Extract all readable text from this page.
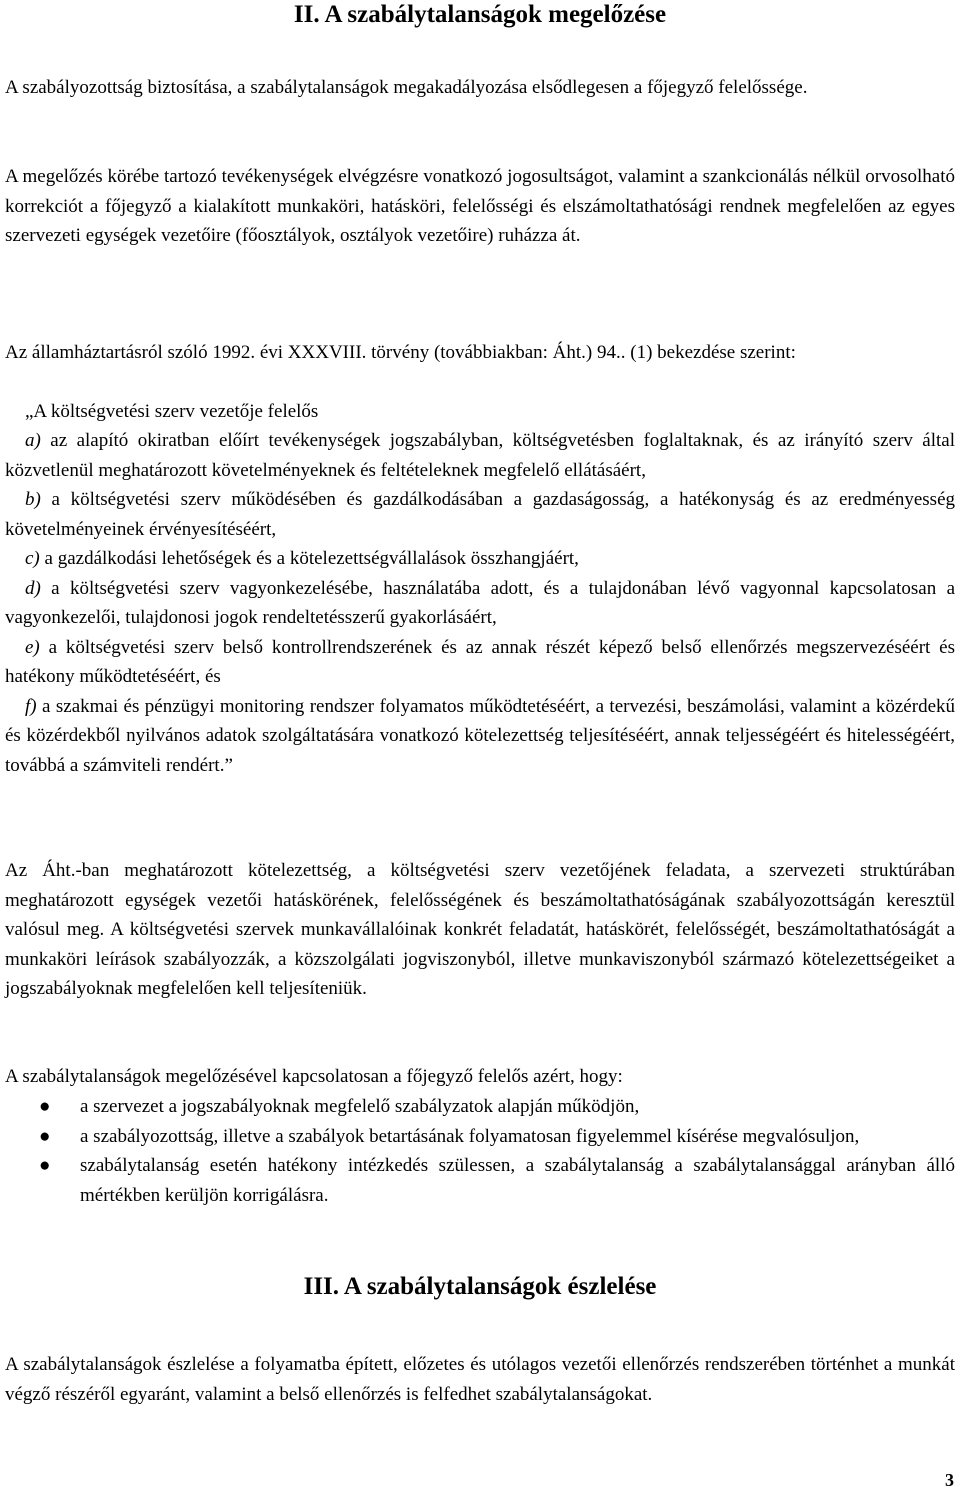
II. A szabálytalanságok megelőzése

A szabályozottság biztosítása, a szabálytalanságok megakadályozása elsődlegesen a főjegyző felelőssége.

A megelőzés körébe tartozó tevékenységek elvégzésre vonatkozó jogosultságot, valamint a szankcionálás nélkül orvosolható korrekciót a főjegyző a kialakított munkaköri, hatásköri, felelősségi és elszámoltathatósági rendnek megfelelően az egyes szervezeti egységek vezetőire (főosztályok, osztályok vezetőire) ruházza át.

Az államháztartásról szóló 1992. évi XXXVIII. törvény (továbbiakban: Áht.) 94.. (1) bekezdése szerint:

„A költségvetési szerv vezetője felelős

a) az alapító okiratban előírt tevékenységek jogszabályban, költségvetésben foglaltaknak, és az irányító szerv által közvetlenül meghatározott követelményeknek és feltételeknek megfelelő ellátásáért,

b) a költségvetési szerv működésében és gazdálkodásában a gazdaságosság, a hatékonyság és az eredményesség követelményeinek érvényesítéséért,

c) a gazdálkodási lehetőségek és a kötelezettségvállalások összhangjáért,

d) a költségvetési szerv vagyonkezelésébe, használatába adott, és a tulajdonában lévő vagyonnal kapcsolatosan a vagyonkezelői, tulajdonosi jogok rendeltetésszerű gyakorlásáért,

e) a költségvetési szerv belső kontrollrendszerének és az annak részét képező belső ellenőrzés megszervezéséért és hatékony működtetéséért, és

f) a szakmai és pénzügyi monitoring rendszer folyamatos működtetéséért, a tervezési, beszámolási, valamint a közérdekű és közérdekből nyilvános adatok szolgáltatására vonatkozó kötelezettség teljesítéséért, annak teljességéért és hitelességéért, továbbá a számviteli rendért.”

Az Áht.-ban meghatározott kötelezettség, a költségvetési szerv vezetőjének feladata, a szervezeti struktúrában meghatározott egységek vezetői hatáskörének, felelősségének és beszámoltathatóságának szabályozottságán keresztül valósul meg. A költségvetési szervek munkavállalóinak konkrét feladatát, hatáskörét, felelősségét, beszámoltathatóságát a munkaköri leírások szabályozzák, a közszolgálati jogviszonyból, illetve munkaviszonyból származó kötelezettségeiket a jogszabályoknak megfelelően kell teljesíteniük.

A szabálytalanságok megelőzésével kapcsolatosan a főjegyző felelős azért, hogy:

● a szervezet a jogszabályoknak megfelelő szabályzatok alapján működjön,
● a szabályozottság, illetve a szabályok betartásának folyamatosan figyelemmel kísérése megvalósuljon,
● szabálytalanság esetén hatékony intézkedés szülessen, a szabálytalanság a szabálytalansággal arányban álló mértékben kerüljön korrigálásra.
III. A szabálytalanságok észlelése

A szabálytalanságok észlelése a folyamatba épített, előzetes és utólagos vezetői ellenőrzés rendszerében történhet a munkát végző részéről egyaránt, valamint a belső ellenőrzés is felfedhet szabálytalanságokat.

3
